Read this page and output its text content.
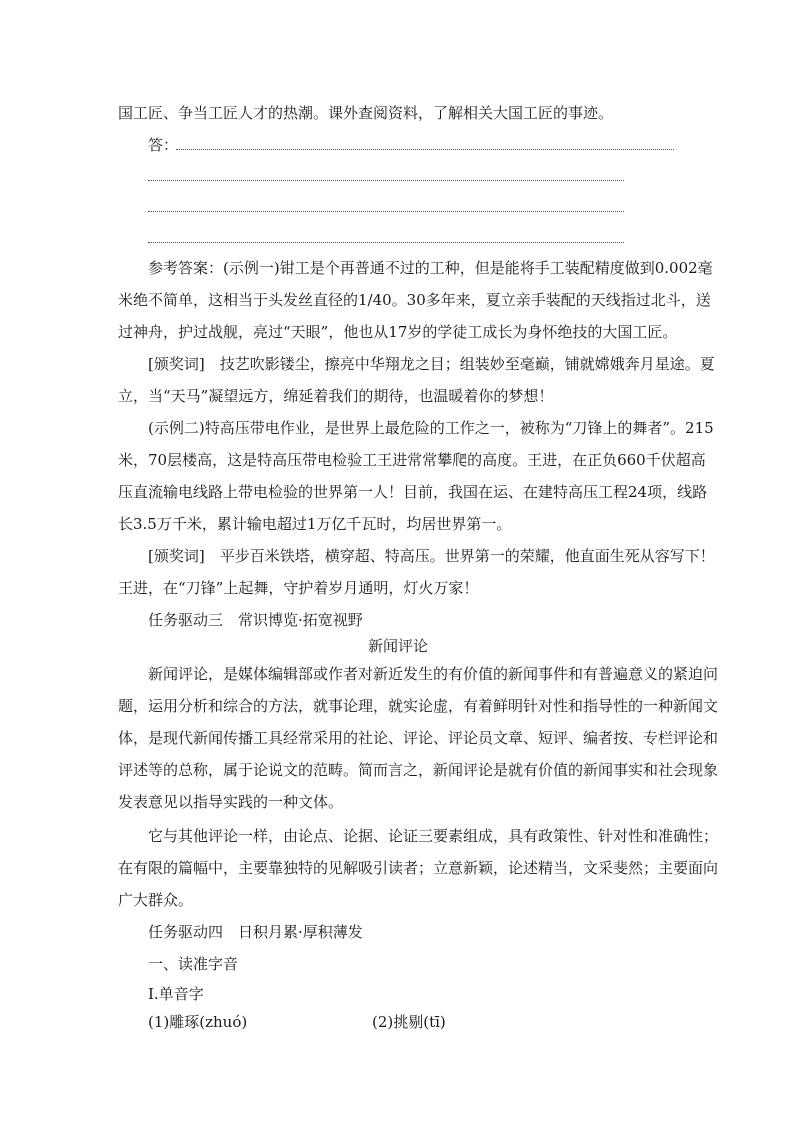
国工匠、争当工匠人才的热潮。课外查阅资料，了解相关大国工匠的事迹。
答：
参考答案：(示例一)钳工是个再普通不过的工种，但是能将手工装配精度做到0.002毫
米绝不简单，这相当于头发丝直径的1/40。30多年来，夏立亲手装配的天线指过北斗，送
过神舟，护过战舰，亮过“天眼”，他也从17岁的学徒工成长为身怀绝技的大国工匠。
[颁奖词]　技艺吹影镂尘，擦亮中华翔龙之目；组装妙至毫巅，铺就嫦娥奔月星途。夏
立，当“天马”凝望远方，绵延着我们的期待，也温暖着你的梦想！
(示例二)特高压带电作业，是世界上最危险的工作之一，被称为“刀锋上的舞者”。215
米，70层楼高，这是特高压带电检验工王进常常攀爬的高度。王进，在正负660千伏超高
压直流输电线路上带电检验的世界第一人！目前，我国在运、在建特高压工程24项，线路
长3.5万千米，累计输电超过1万亿千瓦时，均居世界第一。
[颁奖词]　平步百米铁塔，横穿超、特高压。世界第一的荣耀，他直面生死从容写下！
王进，在“刀锋”上起舞，守护着岁月通明，灯火万家！
任务驱动三　常识博览·拓宽视野
新闻评论
新闻评论，是媒体编辑部或作者对新近发生的有价值的新闻事件和有普遍意义的紧迫问
题，运用分析和综合的方法，就事论理，就实论虚，有着鲜明针对性和指导性的一种新闻文
体，是现代新闻传播工具经常采用的社论、评论、评论员文章、短评、编者按、专栏评论和
评述等的总称，属于论说文的范畴。简而言之，新闻评论是就有价值的新闻事实和社会现象
发表意见以指导实践的一种文体。
它与其他评论一样，由论点、论据、论证三要素组成，具有政策性、针对性和准确性；
在有限的篇幅中，主要靠独特的见解吸引读者；立意新颖，论述精当，文采斐然；主要面向
广大群众。
任务驱动四　日积月累·厚积薄发
一、读准字音
Ⅰ.单音字
(1)雕琢(zhuó)	(2)挑剔(tī)
